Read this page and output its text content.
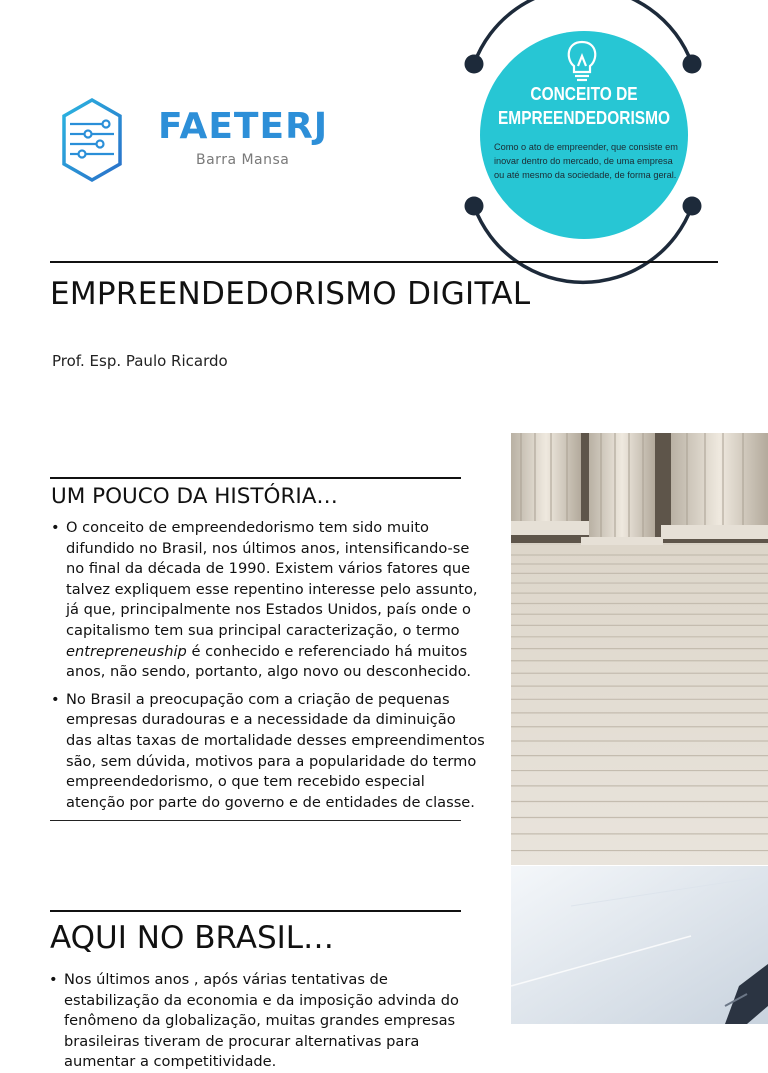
FAETERJ
Barra Mansa
CONCEITO DE
EMPREENDEDORISMO
Como o ato de empreender, que consiste em inovar dentro do mercado, de uma empresa ou até mesmo da sociedade, de forma geral.
EMPREENDEDORISMO DIGITAL
Prof. Esp. Paulo Ricardo
UM POUCO DA HISTÓRIA…
• O conceito de empreendedorismo tem sido muito difundido no Brasil, nos últimos anos, intensificando-se no final da década de 1990. Existem vários fatores que talvez expliquem esse repentino interesse pelo assunto, já que, principalmente nos Estados Unidos, país onde o capitalismo tem sua principal caracterização, o termo entrepreneuship é conhecido e referenciado há muitos anos, não sendo, portanto, algo novo ou desconhecido.
• No Brasil a preocupação com a criação de pequenas empresas duradouras e a necessidade da diminuição das altas taxas de mortalidade desses empreendimentos são, sem dúvida, motivos para a popularidade do termo empreendedorismo, o que tem recebido especial atenção por parte do governo e de entidades de classe.
AQUI NO BRASIL…
• Nos últimos anos , após várias tentativas de estabilização da economia e da imposição advinda do fenômeno da globalização, muitas grandes empresas brasileiras tiveram de procurar alternativas para aumentar a competitividade.
